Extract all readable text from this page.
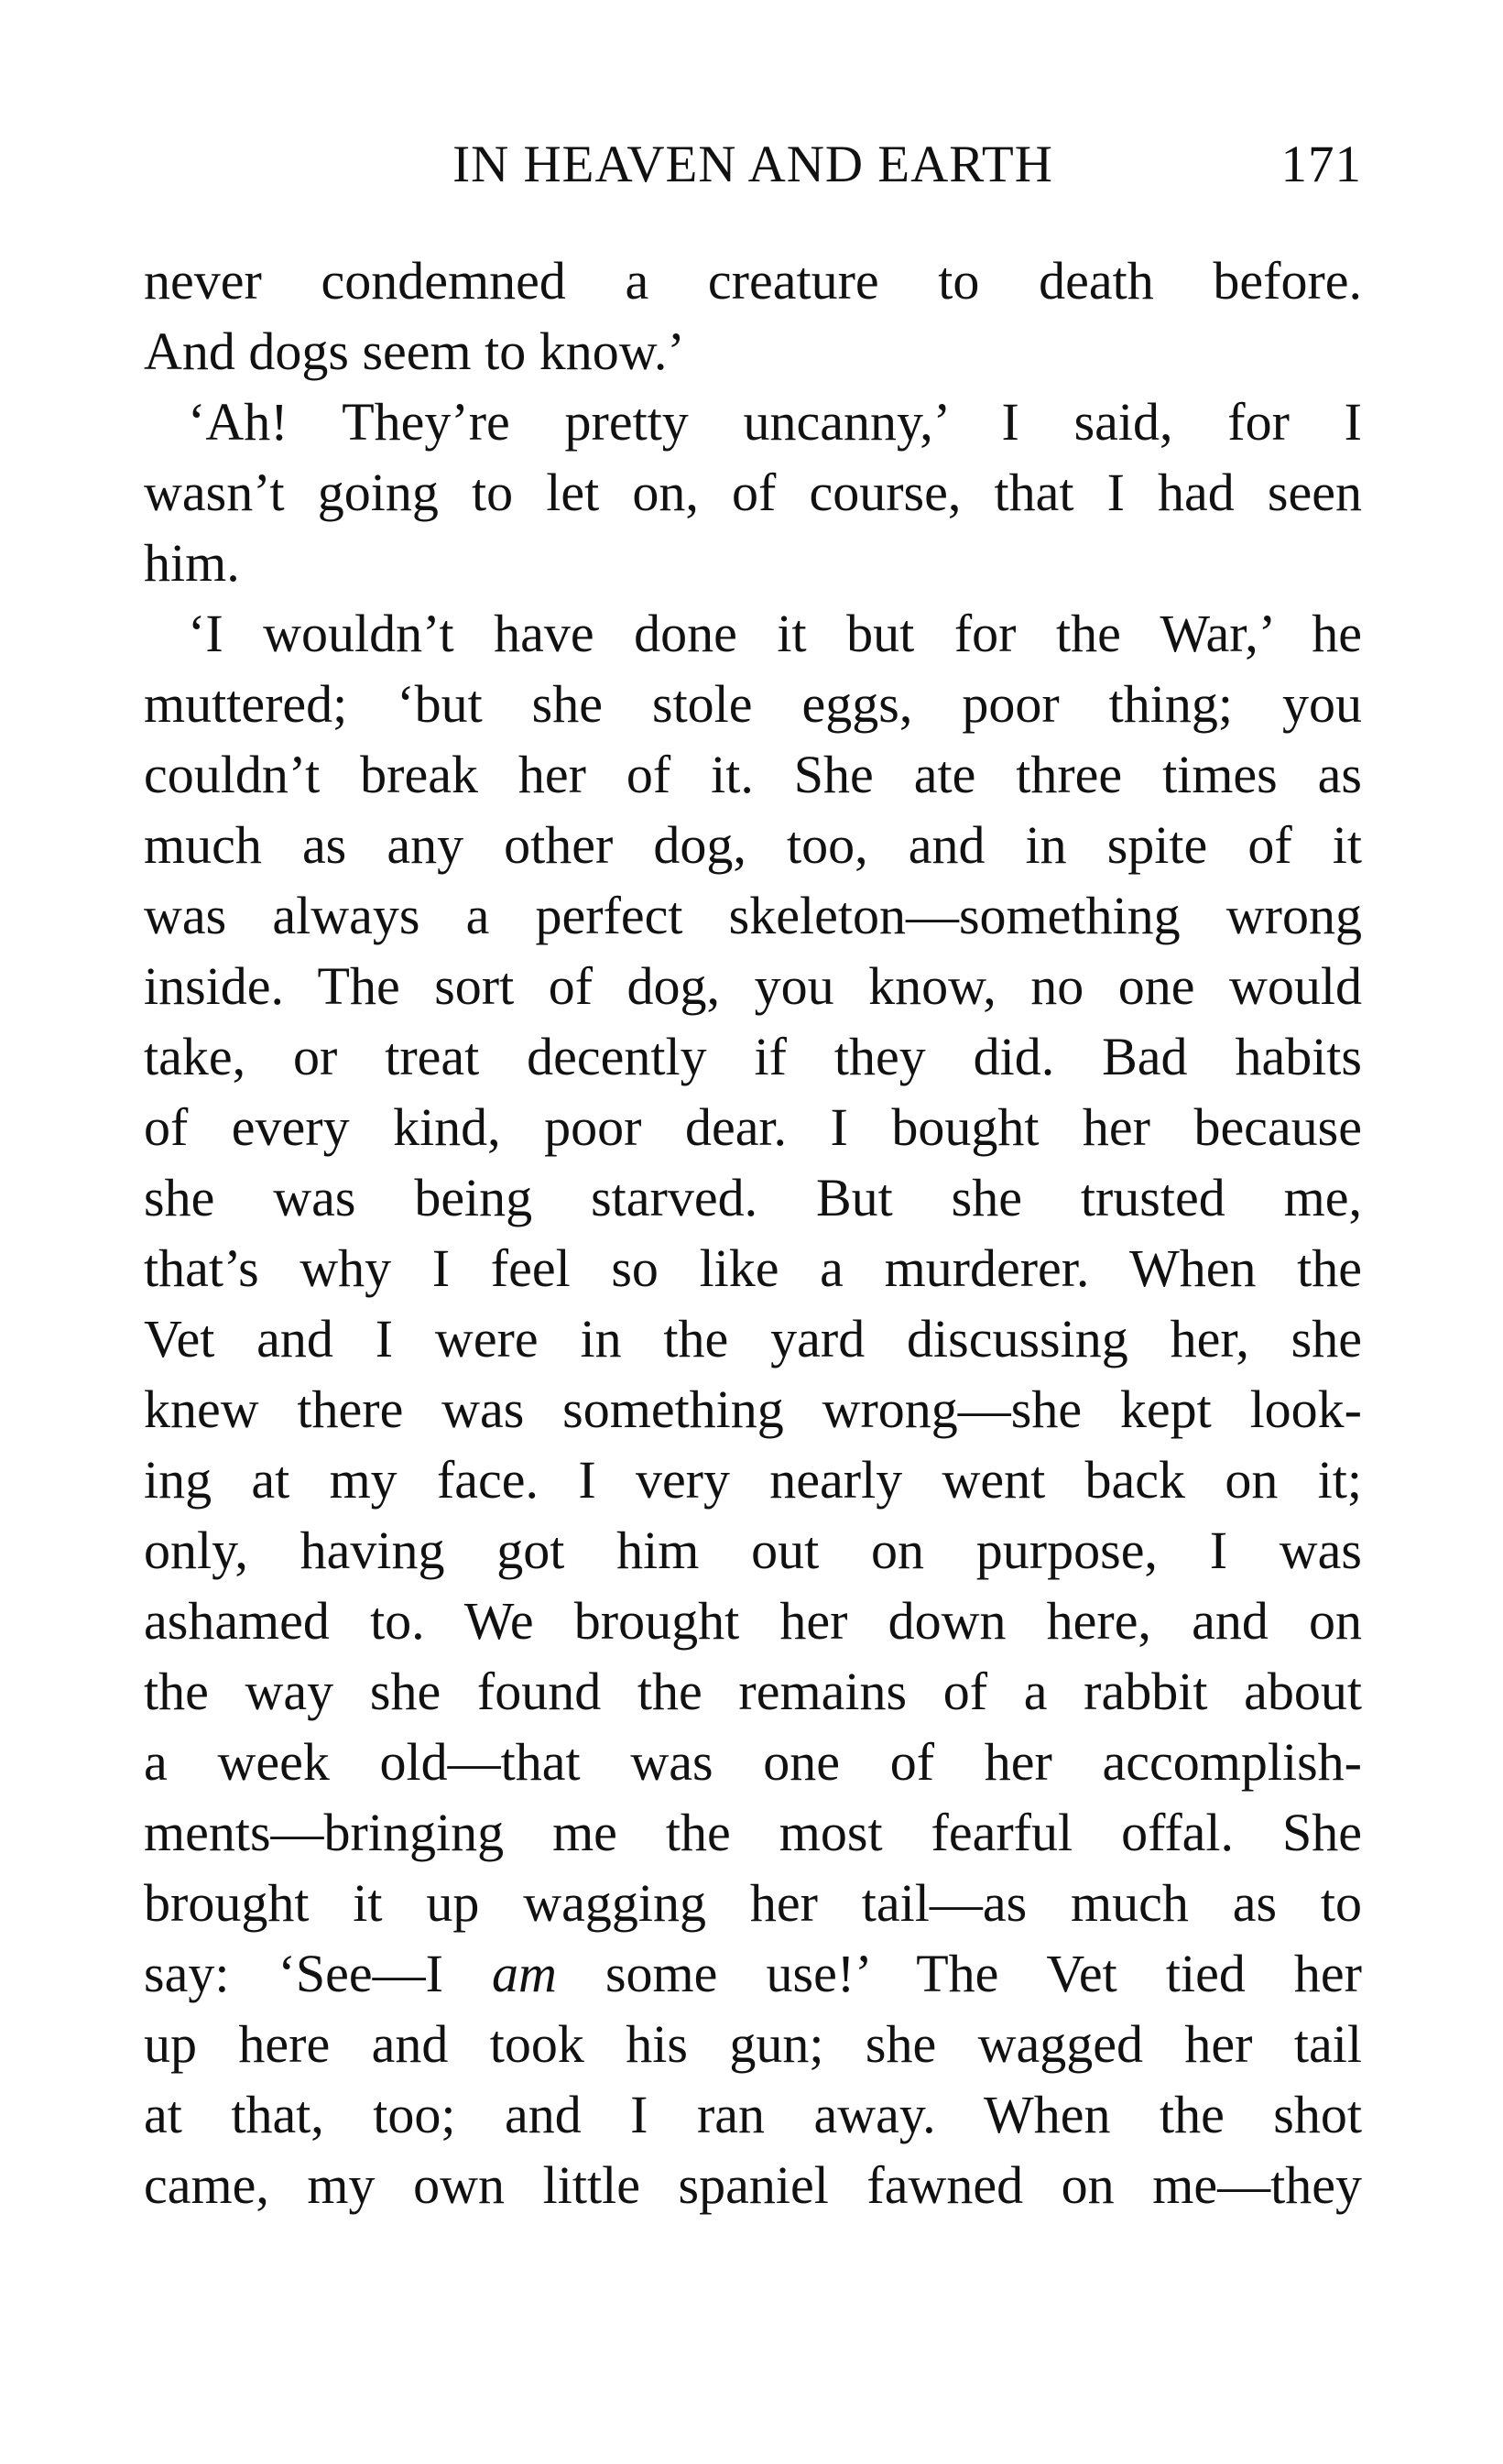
IN HEAVEN AND EARTH	171
never condemned a creature to death before.
And dogs seem to know.’
‘Ah! They’re pretty uncanny,’ I said, for I
wasn’t going to let on, of course, that I had seen
him.
‘I wouldn’t have done it but for the War,’ he
muttered; ‘but she stole eggs, poor thing; you
couldn’t break her of it. She ate three times as
much as any other dog, too, and in spite of it
was always a perfect skeleton—something wrong
inside. The sort of dog, you know, no one would
take, or treat decently if they did. Bad habits
of every kind, poor dear. I bought her because
she was being starved. But she trusted me,
that’s why I feel so like a murderer. When the
Vet and I were in the yard discussing her, she
knew there was something wrong—she kept look-
ing at my face. I very nearly went back on it;
only, having got him out on purpose, I was
ashamed to. We brought her down here, and on
the way she found the remains of a rabbit about
a week old—that was one of her accomplish-
ments—bringing me the most fearful offal. She
brought it up wagging her tail—as much as to
say: ‘See—I am some use!’ The Vet tied her
up here and took his gun; she wagged her tail
at that, too; and I ran away. When the shot
came, my own little spaniel fawned on me—they
